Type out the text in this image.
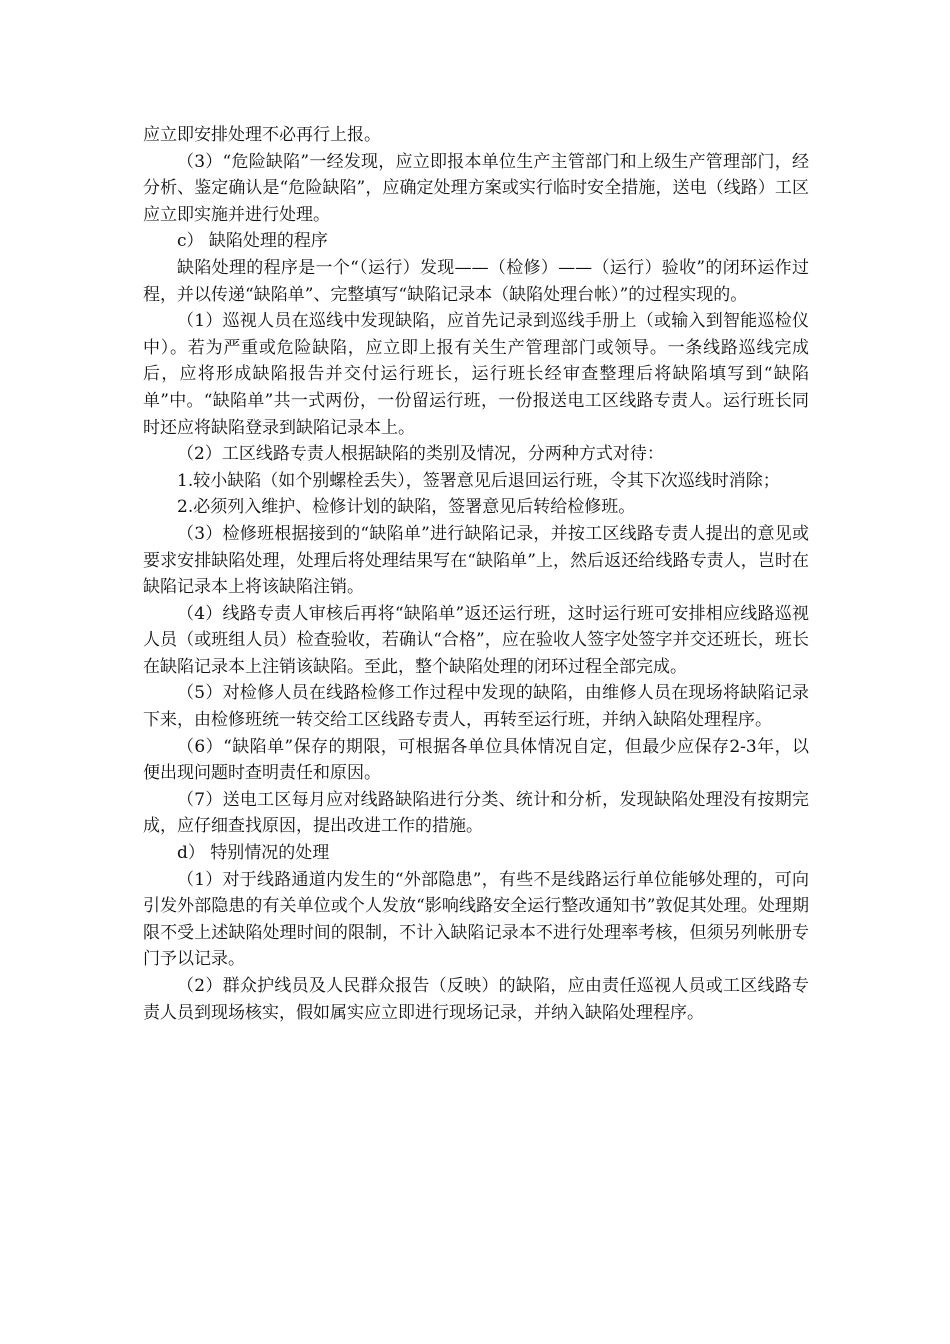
应立即安排处理不必再行上报。

（3）“危险缺陷”一经发现，应立即报本单位生产主管部门和上级生产管理部门，经分析、鉴定确认是“危险缺陷”，应确定处理方案或实行临时安全措施，送电（线路）工区应立即实施并进行处理。

c） 缺陷处理的程序

缺陷处理的程序是一个“（运行）发现——（检修）——（运行）验收”的闭环运作过程，并以传递“缺陷单”、完整填写“缺陷记录本（缺陷处理台帐）”的过程实现的。

（1）巡视人员在巡线中发现缺陷，应首先记录到巡线手册上（或输入到智能巡检仪中）。若为严重或危险缺陷，应立即上报有关生产管理部门或领导。一条线路巡线完成后，应将形成缺陷报告并交付运行班长，运行班长经审查整理后将缺陷填写到“缺陷单”中。“缺陷单”共一式两份，一份留运行班，一份报送电工区线路专责人。运行班长同时还应将缺陷登录到缺陷记录本上。

（2）工区线路专责人根据缺陷的类别及情况，分两种方式对待：

1.较小缺陷（如个别螺栓丢失），签署意见后退回运行班，令其下次巡线时消除；

2.必须列入维护、检修计划的缺陷，签署意见后转给检修班。

（3）检修班根据接到的“缺陷单”进行缺陷记录，并按工区线路专责人提出的意见或要求安排缺陷处理，处理后将处理结果写在“缺陷单”上，然后返还给线路专责人，岂时在缺陷记录本上将该缺陷注销。

（4）线路专责人审核后再将“缺陷单”返还运行班，这时运行班可安排相应线路巡视人员（或班组人员）检查验收，若确认“合格”，应在验收人签字处签字并交还班长，班长在缺陷记录本上注销该缺陷。至此，整个缺陷处理的闭环过程全部完成。

（5）对检修人员在线路检修工作过程中发现的缺陷，由维修人员在现场将缺陷记录下来，由检修班统一转交给工区线路专责人，再转至运行班，并纳入缺陷处理程序。

（6）“缺陷单”保存的期限，可根据各单位具体情况自定，但最少应保存2-3年，以便出现问题时查明责任和原因。

（7）送电工区每月应对线路缺陷进行分类、统计和分析，发现缺陷处理没有按期完成，应仔细查找原因，提出改进工作的措施。

d） 特别情况的处理

（1）对于线路通道内发生的“外部隐患”，有些不是线路运行单位能够处理的，可向引发外部隐患的有关单位或个人发放“影响线路安全运行整改通知书”敦促其处理。处理期限不受上述缺陷处理时间的限制，不计入缺陷记录本不进行处理率考核，但须另列帐册专门予以记录。

（2）群众护线员及人民群众报告（反映）的缺陷，应由责任巡视人员或工区线路专责人员到现场核实，假如属实应立即进行现场记录，并纳入缺陷处理程序。
